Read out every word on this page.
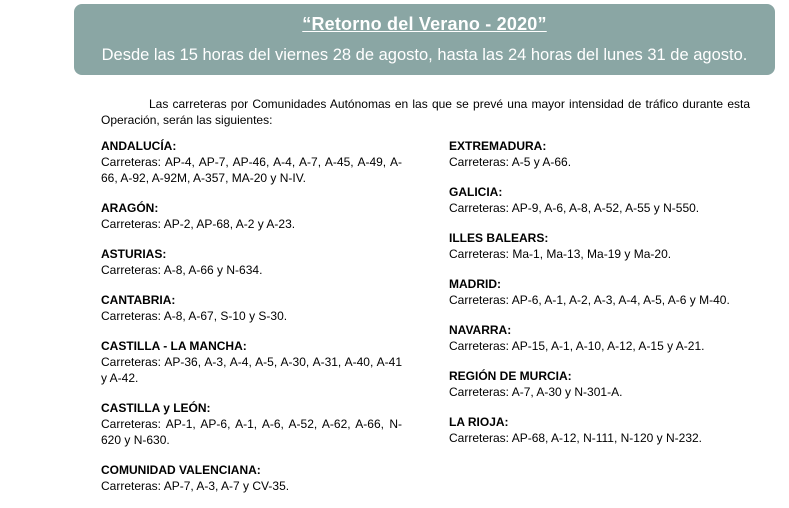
“Retorno del Verano - 2020”
Desde las 15 horas del viernes 28 de agosto, hasta las 24 horas del lunes 31 de agosto.
Las carreteras por Comunidades Autónomas en las que se prevé una mayor intensidad de tráfico durante esta Operación, serán las siguientes:
ANDALUCÍA:
Carreteras: AP-4, AP-7, AP-46, A-4, A-7, A-45, A-49, A-66, A-92, A-92M, A-357, MA-20 y N-IV.
ARAGÓN:
Carreteras: AP-2, AP-68, A-2 y A-23.
ASTURIAS:
Carreteras: A-8, A-66 y N-634.
CANTABRIA:
Carreteras: A-8, A-67, S-10 y S-30.
CASTILLA - LA MANCHA:
Carreteras: AP-36, A-3, A-4, A-5, A-30, A-31, A-40, A-41 y A-42.
CASTILLA y LEÓN:
Carreteras: AP-1, AP-6, A-1, A-6, A-52, A-62, A-66, N-620 y N-630.
COMUNIDAD VALENCIANA:
Carreteras: AP-7, A-3, A-7 y CV-35.
EXTREMADURA:
Carreteras: A-5 y A-66.
GALICIA:
Carreteras: AP-9, A-6, A-8, A-52, A-55 y N-550.
ILLES BALEARS:
Carreteras: Ma-1, Ma-13, Ma-19 y Ma-20.
MADRID:
Carreteras: AP-6, A-1, A-2, A-3, A-4, A-5, A-6 y M-40.
NAVARRA:
Carreteras: AP-15, A-1, A-10, A-12, A-15 y A-21.
REGIÓN DE MURCIA:
Carreteras: A-7, A-30 y N-301-A.
LA RIOJA:
Carreteras: AP-68, A-12, N-111, N-120 y N-232.
